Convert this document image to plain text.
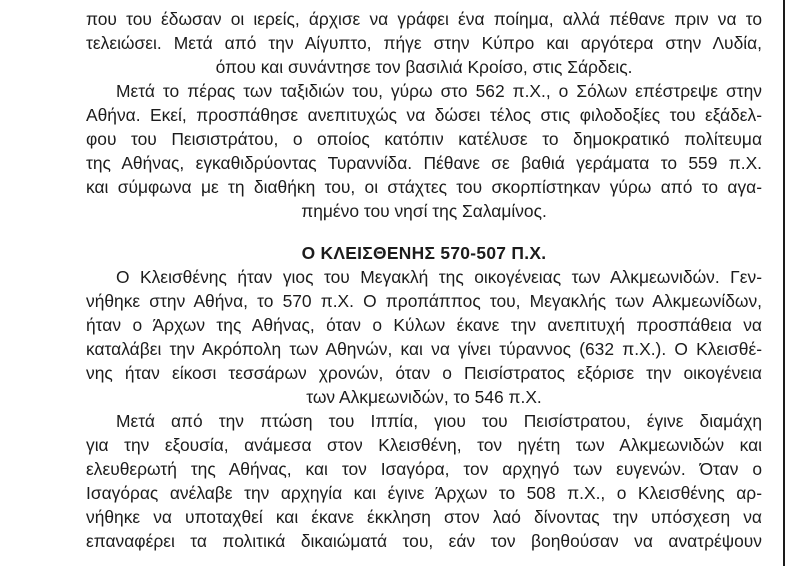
που του έδωσαν οι ιερείς, άρχισε να γράφει ένα ποίημα, αλλά πέθανε πριν να το
τελειώσει. Μετά από την Αίγυπτο, πήγε στην Κύπρο και αργότερα στην Λυδία,
όπου και συνάντησε τον βασιλιά Κροίσο, στις Σάρδεις.
Μετά το πέρας των ταξιδιών του, γύρω στο 562 π.Χ., ο Σόλων επέστρεψε στην
Αθήνα. Εκεί, προσπάθησε ανεπιτυχώς να δώσει τέλος στις φιλοδοξίες του εξάδελ-
φου του Πεισιστράτου, ο οποίος κατόπιν κατέλυσε το δημοκρατικό πολίτευμα
της Αθήνας, εγκαθιδρύοντας Τυραννίδα. Πέθανε σε βαθιά γεράματα το 559 π.Χ.
και σύμφωνα με τη διαθήκη του, οι στάχτες του σκορπίστηκαν γύρω από το αγα-
πημένο του νησί της Σαλαμίνος.
Ο ΚΛΕΙΣΘΕΝΗΣ 570-507 Π.Χ.
Ο Κλεισθένης ήταν γιος του Μεγακλή της οικογένειας των Αλκμεωνιδών. Γεν-
νήθηκε στην Αθήνα, το 570 π.Χ. Ο προπάππος του, Μεγακλής των Αλκμεωνίδων,
ήταν ο Άρχων της Αθήνας, όταν ο Κύλων έκανε την ανεπιτυχή προσπάθεια να
καταλάβει την Ακρόπολη των Αθηνών, και να γίνει τύραννος (632 π.Χ.). Ο Κλεισθέ-
νης ήταν είκοσι τεσσάρων χρονών, όταν ο Πεισίστρατος εξόρισε την οικογένεια
των Αλκμεωνιδών, το 546 π.Χ.
Μετά από την πτώση του Ιππία, γιου του Πεισίστρατου, έγινε διαμάχη
για την εξουσία, ανάμεσα στον Κλεισθένη, τον ηγέτη των Αλκμεωνιδών και
ελευθερωτή της Αθήνας, και τον Ισαγόρα, τον αρχηγό των ευγενών. Όταν ο
Ισαγόρας ανέλαβε την αρχηγία και έγινε Άρχων το 508 π.Χ., ο Κλεισθένης αρ-
νήθηκε να υποταχθεί και έκανε έκκληση στον λαό δίνοντας την υπόσχεση να
επαναφέρει τα πολιτικά δικαιώματά του, εάν τον βοηθούσαν να ανατρέψουν
